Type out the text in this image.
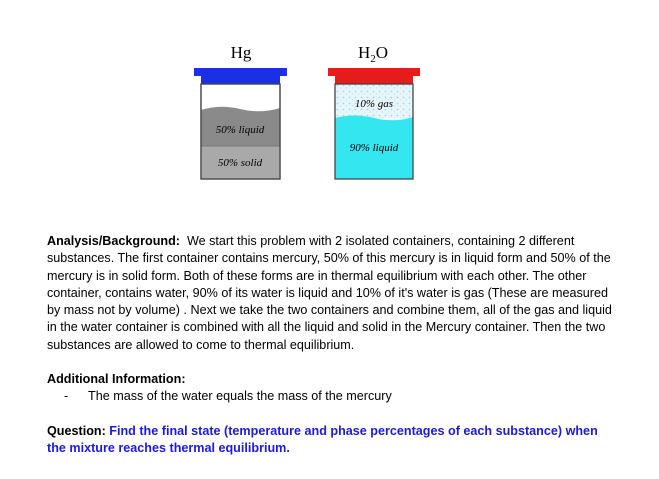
Hg	$H_2O$
50% liquid
50% solid
10% gas
90% liquid
Analysis/Background: We start this problem with 2 isolated containers, containing 2 different substances. The first container contains mercury, 50% of this mercury is in liquid form and 50% of the mercury is in solid form. Both of these forms are in thermal equilibrium with each other. The other container, contains water, 90% of its water is liquid and 10% of it's water is gas (These are measured by mass not by volume) . Next we take the two containers and combine them, all of the gas and liquid in the water container is combined with all the liquid and solid in the Mercury container. Then the two substances are allowed to come to thermal equilibrium.
Additional Information:
-	The mass of the water equals the mass of the mercury
Question: Find the final state (temperature and phase percentages of each substance) when the mixture reaches thermal equilibrium.
